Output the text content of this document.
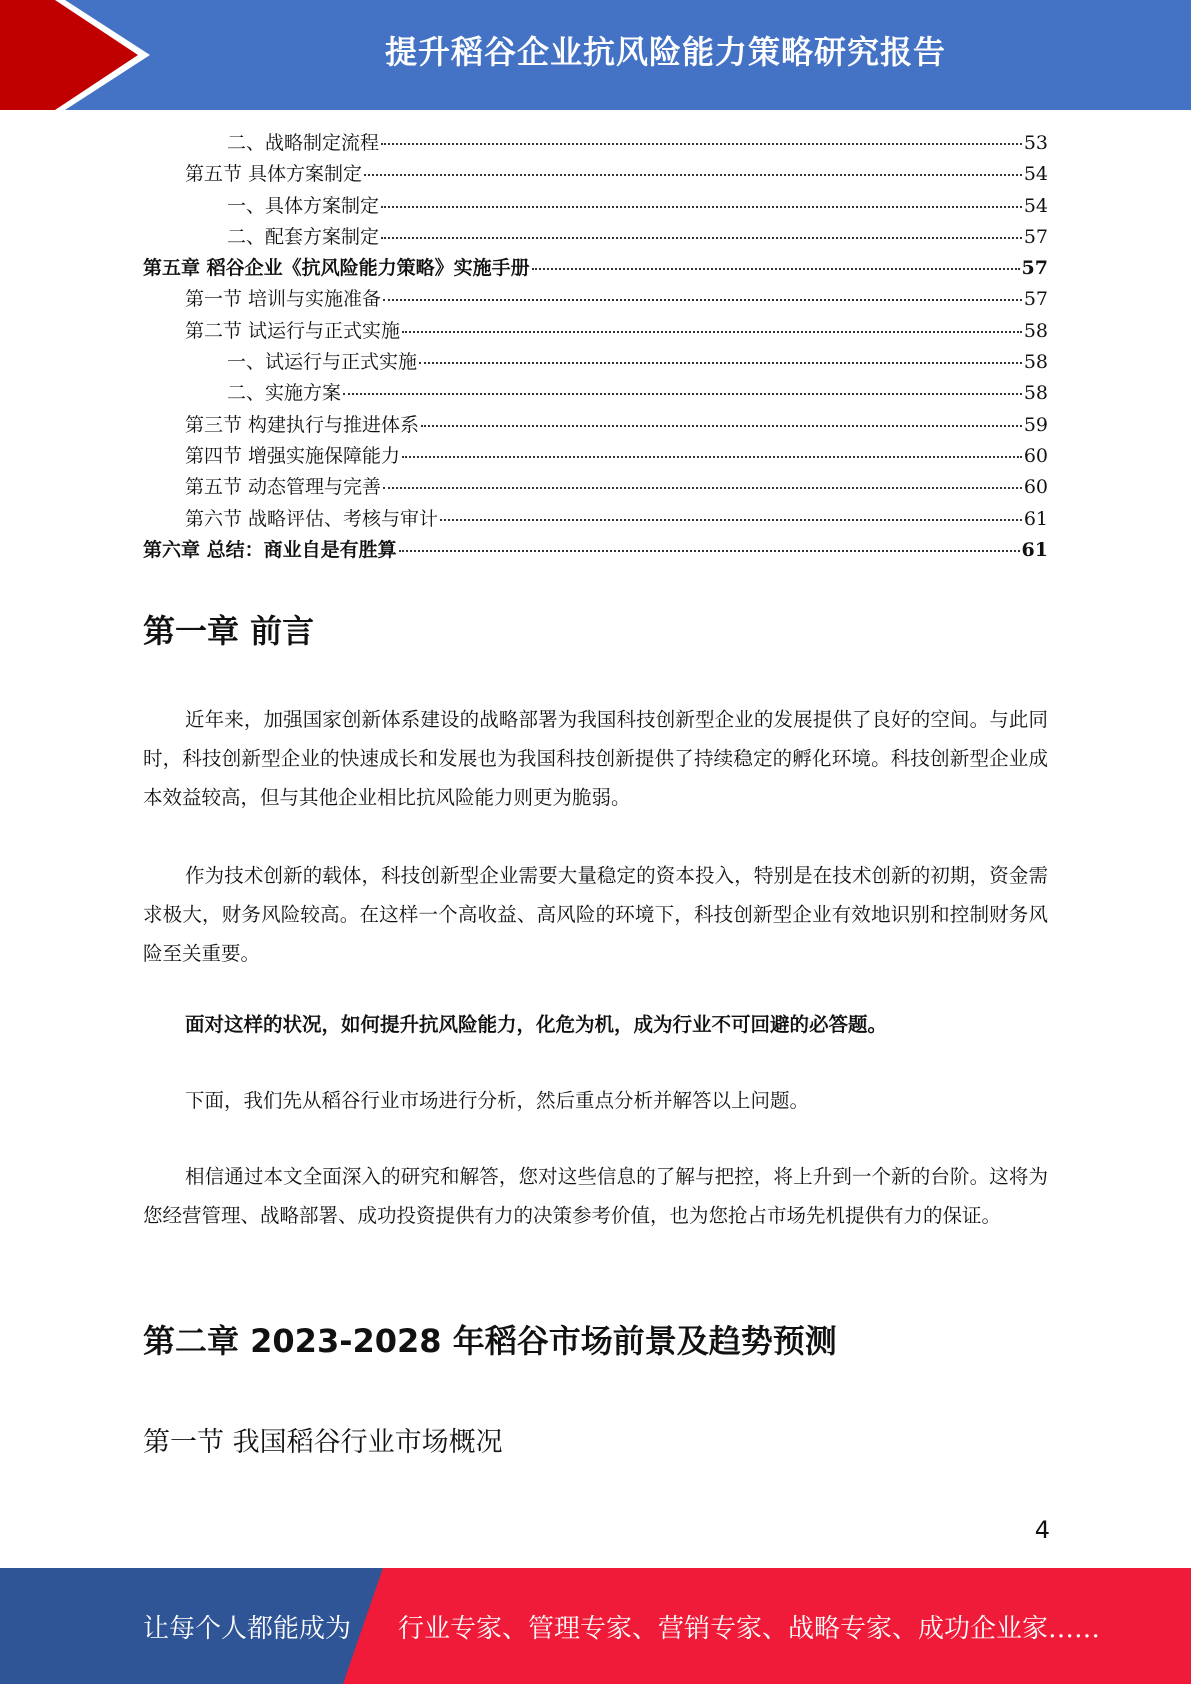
提升稻谷企业抗风险能力策略研究报告
二、战略制定流程	53
第五节 具体方案制定	54
一、具体方案制定	54
二、配套方案制定	57
第五章 稻谷企业《抗风险能力策略》实施手册	57
第一节 培训与实施准备	57
第二节 试运行与正式实施	58
一、试运行与正式实施	58
二、实施方案	58
第三节 构建执行与推进体系	59
第四节 增强实施保障能力	60
第五节 动态管理与完善	60
第六节 战略评估、考核与审计	61
第六章 总结：商业自是有胜算	61
第一章 前言

近年来，加强国家创新体系建设的战略部署为我国科技创新型企业的发展提供了良好的空间。与此同时，科技创新型企业的快速成长和发展也为我国科技创新提供了持续稳定的孵化环境。科技创新型企业成本效益较高，但与其他企业相比抗风险能力则更为脆弱。

作为技术创新的载体，科技创新型企业需要大量稳定的资本投入，特别是在技术创新的初期，资金需求极大，财务风险较高。在这样一个高收益、高风险的环境下，科技创新型企业有效地识别和控制财务风险至关重要。

面对这样的状况，如何提升抗风险能力，化危为机，成为行业不可回避的必答题。

下面，我们先从稻谷行业市场进行分析，然后重点分析并解答以上问题。

相信通过本文全面深入的研究和解答，您对这些信息的了解与把控，将上升到一个新的台阶。这将为您经营管理、战略部署、成功投资提供有力的决策参考价值，也为您抢占市场先机提供有力的保证。

第二章 2023-2028 年稻谷市场前景及趋势预测
第一节 我国稻谷行业市场概况
4
让每个人都能成为 行业专家、管理专家、营销专家、战略专家、成功企业家……
